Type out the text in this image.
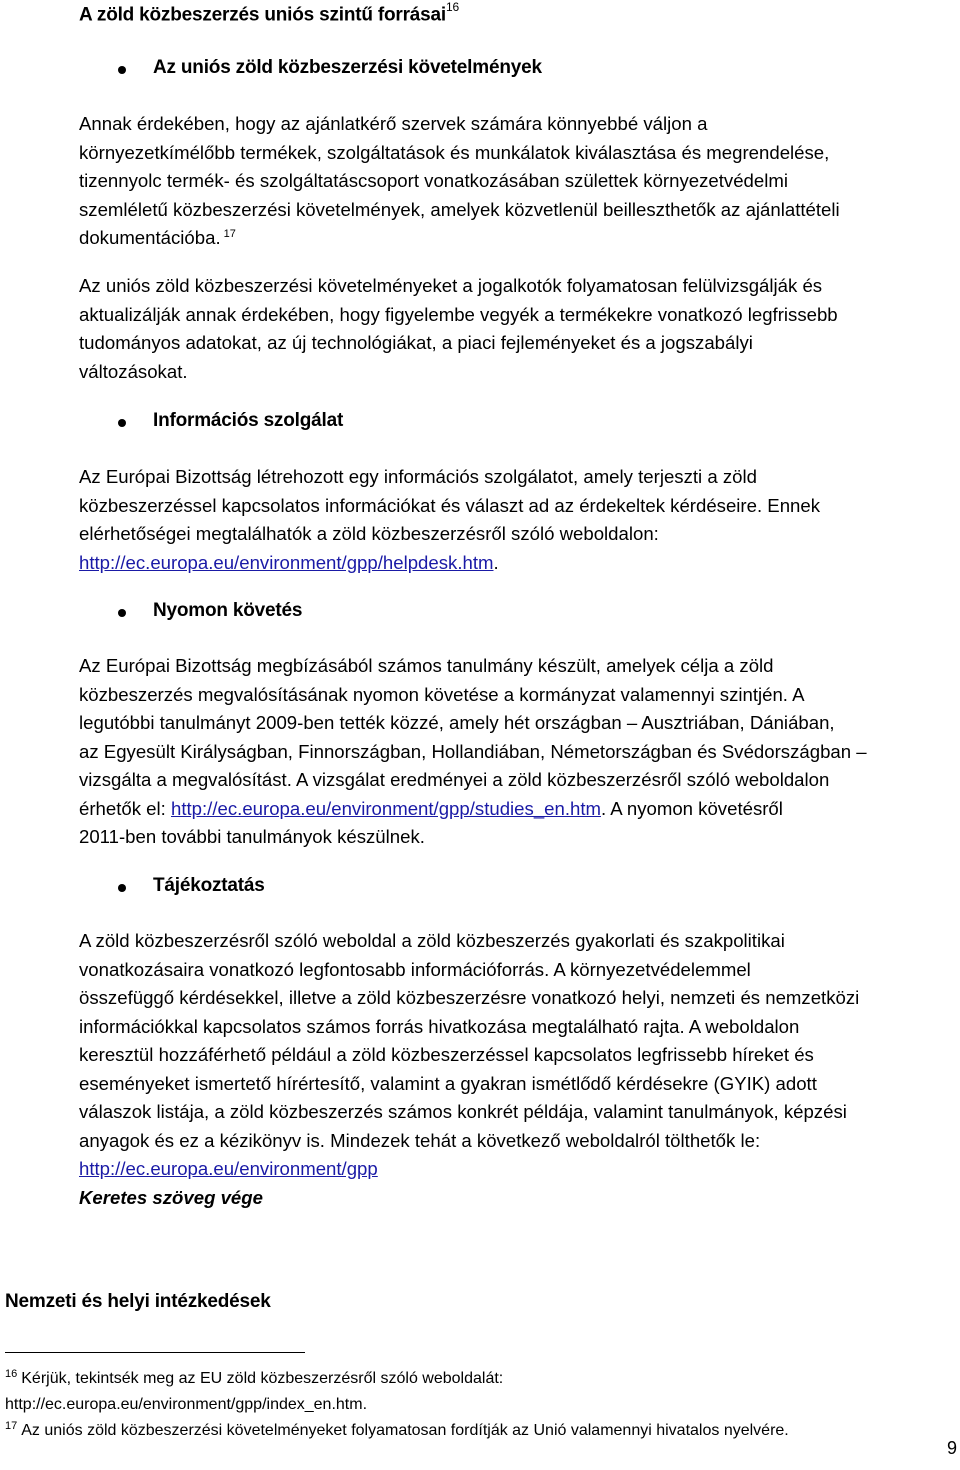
A zöld közbeszerzés uniós szintű forrásai$^{16}$
Az uniós zöld közbeszerzési követelmények
Annak érdekében, hogy az ajánlatkérő szervek számára könnyebbé váljon a
környezetkímélőbb termékek, szolgáltatások és munkálatok kiválasztása és megrendelése,
tizennyolc termék- és szolgáltatáscsoport vonatkozásában születtek környezetvédelmi
szemléletű közbeszerzési követelmények, amelyek közvetlenül beilleszthetők az ajánlattételi
dokumentációba. $^{17}$
Az uniós zöld közbeszerzési követelményeket a jogalkotók folyamatosan felülvizsgálják és
aktualizálják annak érdekében, hogy figyelembe vegyék a termékekre vonatkozó legfrissebb
tudományos adatokat, az új technológiákat, a piaci fejleményeket és a jogszabályi
változásokat.
Információs szolgálat
Az Európai Bizottság létrehozott egy információs szolgálatot, amely terjeszti a zöld
közbeszerzéssel kapcsolatos információkat és választ ad az érdekeltek kérdéseire. Ennek
elérhetőségei megtalálhatók a zöld közbeszerzésről szóló weboldalon:
http://ec.europa.eu/environment/gpp/helpdesk.htm.
Nyomon követés
Az Európai Bizottság megbízásából számos tanulmány készült, amelyek célja a zöld
közbeszerzés megvalósításának nyomon követése a kormányzat valamennyi szintjén. A
legutóbbi tanulmányt 2009-ben tették közzé, amely hét országban – Ausztriában, Dániában,
az Egyesült Királyságban, Finnországban, Hollandiában, Németországban és Svédországban –
vizsgálta a megvalósítást. A vizsgálat eredményei a zöld közbeszerzésről szóló weboldalon
érhetők el: http://ec.europa.eu/environment/gpp/studies_en.htm. A nyomon követésről
2011-ben további tanulmányok készülnek.
Tájékoztatás
A zöld közbeszerzésről szóló weboldal a zöld közbeszerzés gyakorlati és szakpolitikai
vonatkozásaira vonatkozó legfontosabb információforrás. A környezetvédelemmel
összefüggő kérdésekkel, illetve a zöld közbeszerzésre vonatkozó helyi, nemzeti és nemzetközi
információkkal kapcsolatos számos forrás hivatkozása megtalálható rajta. A weboldalon
keresztül hozzáférhető például a zöld közbeszerzéssel kapcsolatos legfrissebb híreket és
eseményeket ismertető hírértesítő, valamint a gyakran ismétlődő kérdésekre (GYIK) adott
válaszok listája, a zöld közbeszerzés számos konkrét példája, valamint tanulmányok, képzési
anyagok és ez a kézikönyv is. Mindezek tehát a következő weboldalról tölthetők le:
http://ec.europa.eu/environment/gpp
Keretes szöveg vége
Nemzeti és helyi intézkedések
$^{16}$ Kérjük, tekintsék meg az EU zöld közbeszerzésről szóló weboldalát:
http://ec.europa.eu/environment/gpp/index_en.htm.
$^{17}$ Az uniós zöld közbeszerzési követelményeket folyamatosan fordítják az Unió valamennyi hivatalos nyelvére.
9
